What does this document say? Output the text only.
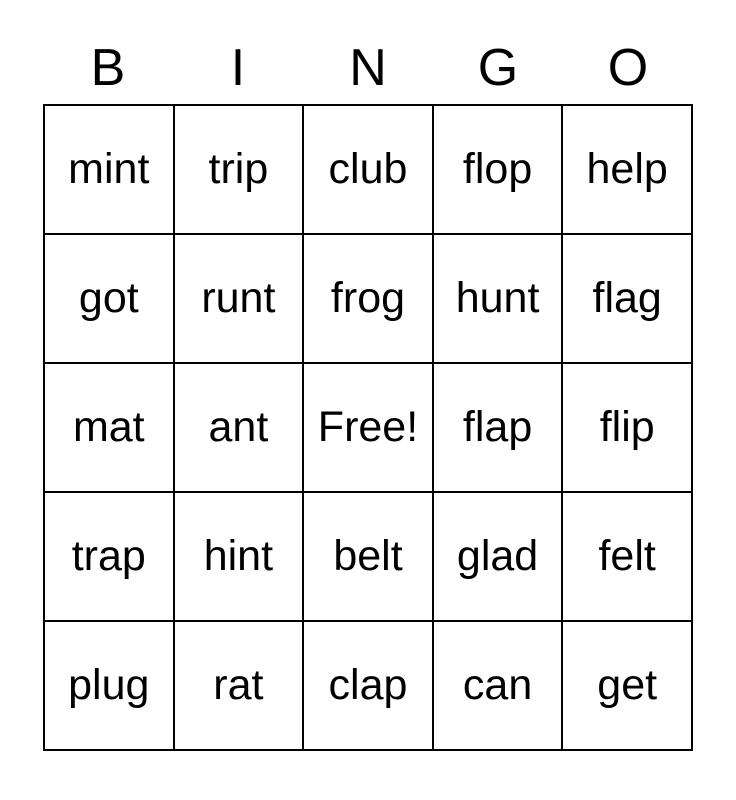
B	I	N	G	O
mint	trip	club	flop	help
got	runt	frog	hunt	flag
mat	ant	Free!	flap	flip
trap	hint	belt	glad	felt
plug	rat	clap	can	get
